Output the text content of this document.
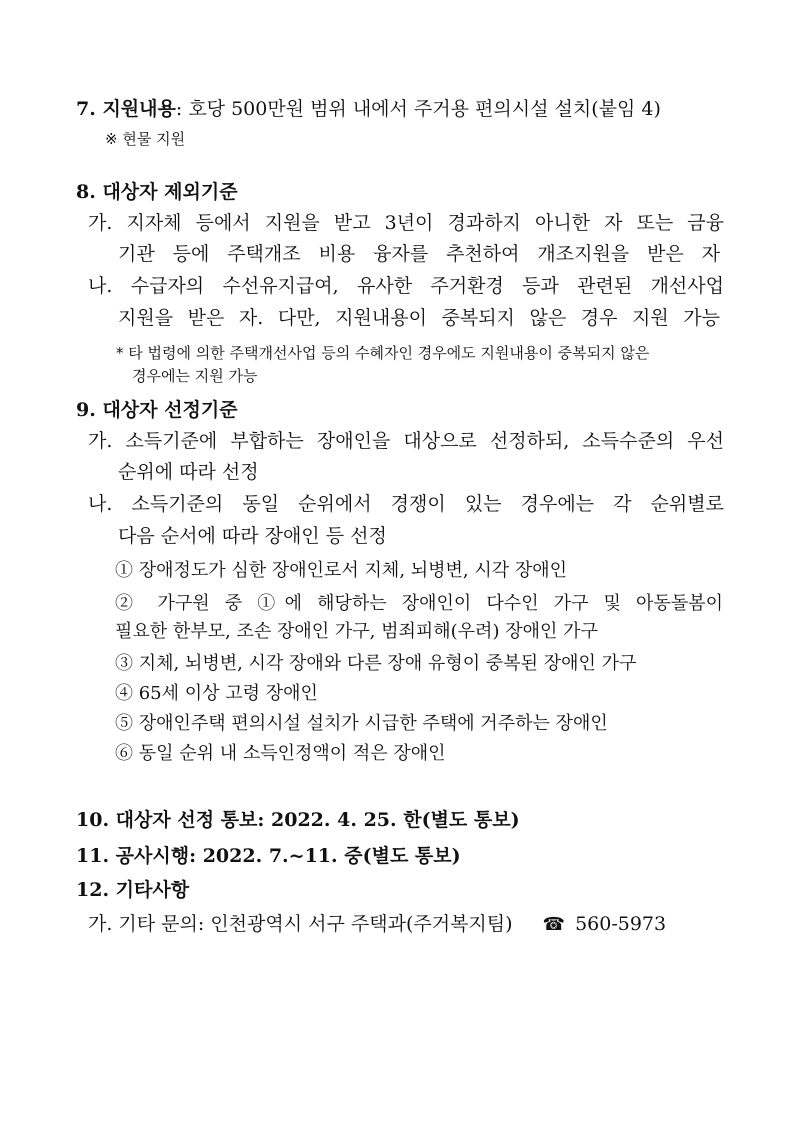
7. 지원내용: 호당 500만원 범위 내에서 주거용 편의시설 설치(붙임 4)
※ 현물 지원
8. 대상자 제외기준
가. 지자체 등에서 지원을 받고 3년이 경과하지 아니한 자 또는 금융
기관 등에 주택개조 비용 융자를 추천하여 개조지원을 받은 자
나. 수급자의 수선유지급여, 유사한 주거환경 등과 관련된 개선사업
지원을 받은 자. 다만, 지원내용이 중복되지 않은 경우 지원 가능
* 타 법령에 의한 주택개선사업 등의 수혜자인 경우에도 지원내용이 중복되지 않은
경우에는 지원 가능
9. 대상자 선정기준
가. 소득기준에 부합하는 장애인을 대상으로 선정하되, 소득수준의 우선
순위에 따라 선정
나. 소득기준의 동일 순위에서 경쟁이 있는 경우에는 각 순위별로
다음 순서에 따라 장애인 등 선정
① 장애정도가 심한 장애인로서 지체, 뇌병변, 시각 장애인
② 가구원 중 ①에 해당하는 장애인이 다수인 가구 및 아동돌봄이
필요한 한부모, 조손 장애인 가구, 범죄피해(우려) 장애인 가구
③ 지체, 뇌병변, 시각 장애와 다른 장애 유형이 중복된 장애인 가구
④ 65세 이상 고령 장애인
⑤ 장애인주택 편의시설 설치가 시급한 주택에 거주하는 장애인
⑥ 동일 순위 내 소득인정액이 적은 장애인
10. 대상자 선정 통보: 2022. 4. 25. 한(별도 통보)
11. 공사시행: 2022. 7.~11. 중(별도 통보)
12. 기타사항
가. 기타 문의: 인천광역시 서구 주택과(주거복지팀) ☎ 560-5973
